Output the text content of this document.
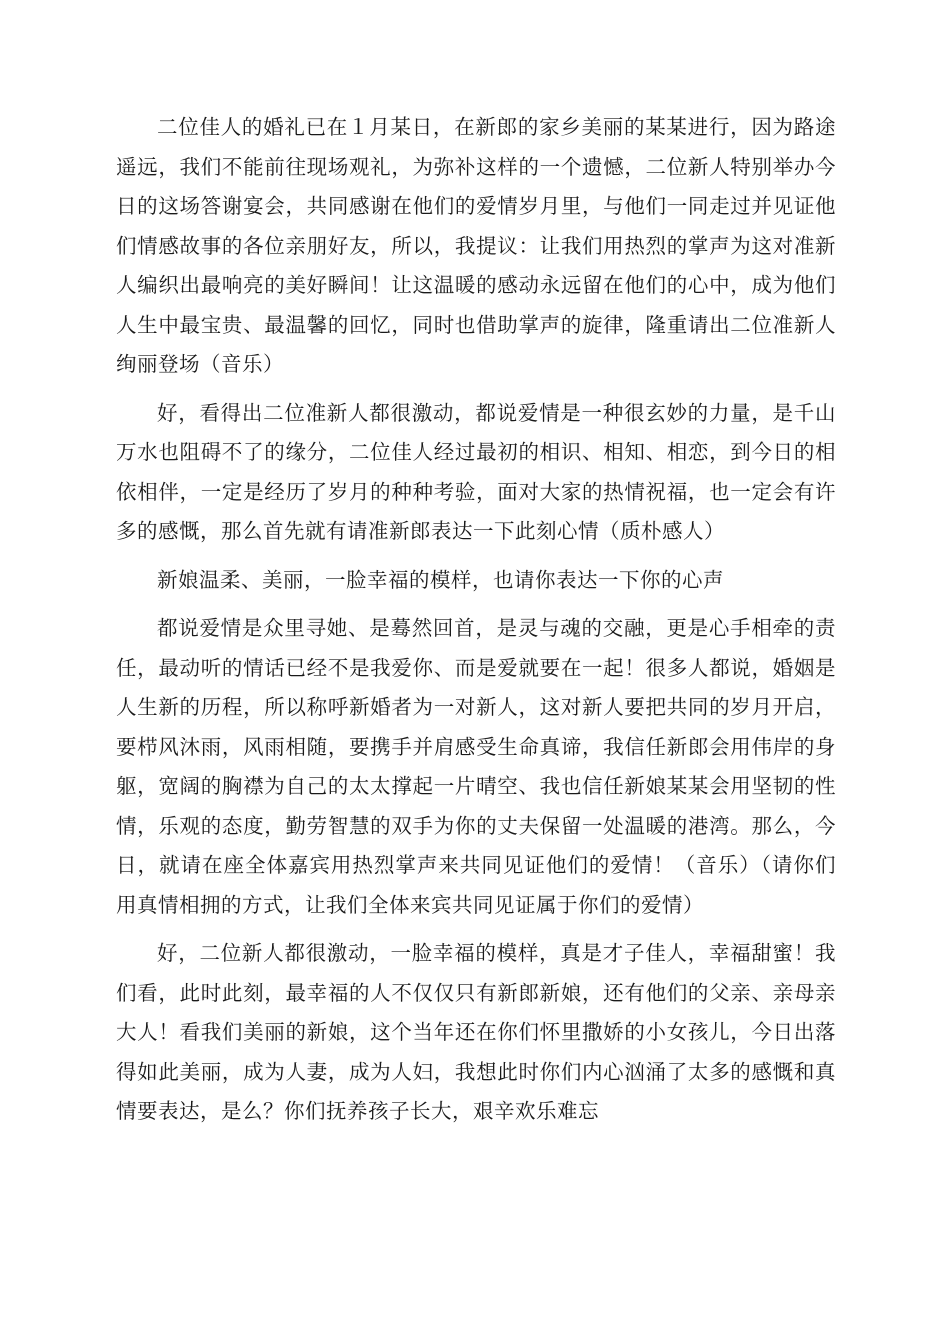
二位佳人的婚礼已在１月某日，在新郎的家乡美丽的某某进行，因为路途遥远，我们不能前往现场观礼，为弥补这样的一个遗憾，二位新人特别举办今日的这场答谢宴会，共同感谢在他们的爱情岁月里，与他们一同走过并见证他们情感故事的各位亲朋好友，所以，我提议：让我们用热烈的掌声为这对准新人编织出最响亮的美好瞬间！让这温暖的感动永远留在他们的心中，成为他们人生中最宝贵、最温馨的回忆，同时也借助掌声的旋律，隆重请出二位准新人绚丽登场（音乐）

好，看得出二位准新人都很激动，都说爱情是一种很玄妙的力量，是千山万水也阻碍不了的缘分，二位佳人经过最初的相识、相知、相恋，到今日的相依相伴，一定是经历了岁月的种种考验，面对大家的热情祝福，也一定会有许多的感慨，那么首先就有请准新郎表达一下此刻心情（质朴感人）

新娘温柔、美丽，一脸幸福的模样，也请你表达一下你的心声

都说爱情是众里寻她、是蓦然回首，是灵与魂的交融，更是心手相牵的责任，最动听的情话已经不是我爱你、而是爱就要在一起！很多人都说，婚姻是人生新的历程，所以称呼新婚者为一对新人，这对新人要把共同的岁月开启，要栉风沐雨，风雨相随，要携手并肩感受生命真谛，我信任新郎会用伟岸的身躯，宽阔的胸襟为自己的太太撑起一片晴空、我也信任新娘某某会用坚韧的性情，乐观的态度，勤劳智慧的双手为你的丈夫保留一处温暖的港湾。那么，今日，就请在座全体嘉宾用热烈掌声来共同见证他们的爱情！（音乐）（请你们用真情相拥的方式，让我们全体来宾共同见证属于你们的爱情）

好，二位新人都很激动，一脸幸福的模样，真是才子佳人，幸福甜蜜！我们看，此时此刻，最幸福的人不仅仅只有新郎新娘，还有他们的父亲、亲母亲大人！看我们美丽的新娘，这个当年还在你们怀里撒娇的小女孩儿，今日出落得如此美丽，成为人妻，成为人妇，我想此时你们内心汹涌了太多的感慨和真情要表达，是么？你们抚养孩子长大，艰辛欢乐难忘
